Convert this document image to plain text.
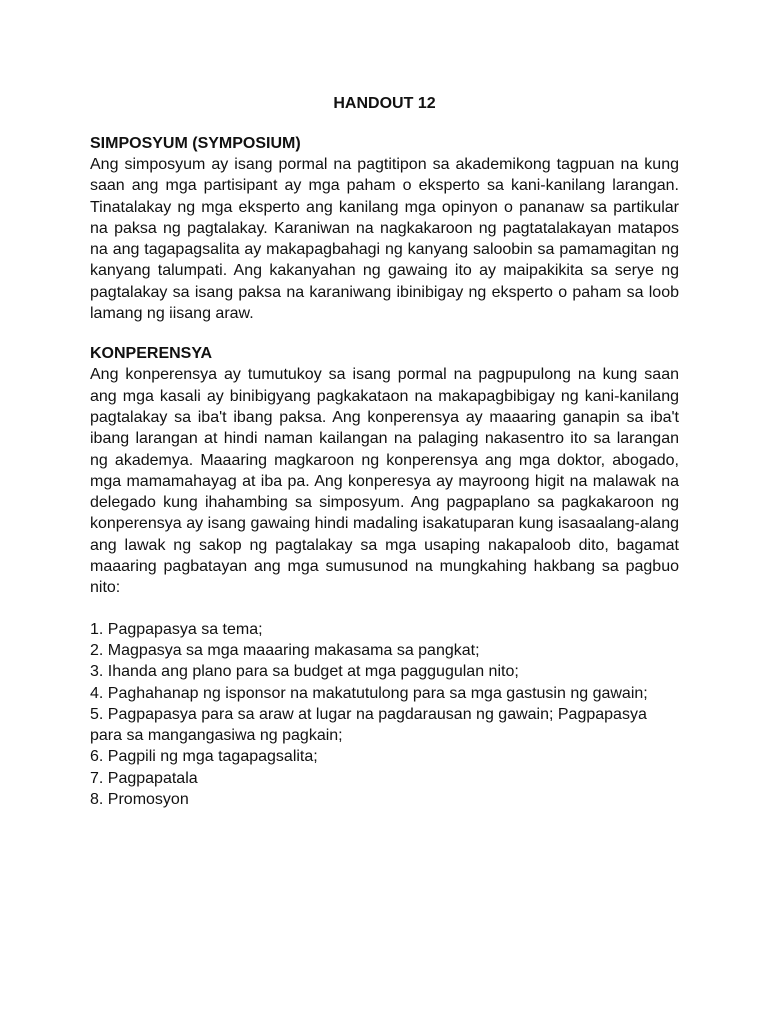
HANDOUT 12
SIMPOSYUM (SYMPOSIUM)

Ang simposyum ay isang pormal na pagtitipon sa akademikong tagpuan na kung saan ang mga partisipant ay mga paham o eksperto sa kani-kanilang larangan. Tinatalakay ng mga eksperto ang kanilang mga opinyon o pananaw sa partikular na paksa ng pagtalakay. Karaniwan na nagkakaroon ng pagtatalakayan matapos na ang tagapagsalita ay makapagbahagi ng kanyang saloobin sa pamamagitan ng kanyang talumpati. Ang kakanyahan ng gawaing ito ay maipakikita sa serye ng pagtalakay sa isang paksa na karaniwang ibinibigay ng eksperto o paham sa loob lamang ng iisang araw.

KONPERENSYA

Ang konperensya ay tumutukoy sa isang pormal na pagpupulong na kung saan ang mga kasali ay binibigyang pagkakataon na makapagbibigay ng kani-kanilang pagtalakay sa iba't ibang paksa. Ang konperensya ay maaaring ganapin sa iba't ibang larangan at hindi naman kailangan na palaging nakasentro ito sa larangan ng akademya. Maaaring magkaroon ng konperensya ang mga doktor, abogado, mga mamamahayag at iba pa. Ang konperesya ay mayroong higit na malawak na delegado kung ihahambing sa simposyum. Ang pagpaplano sa pagkakaroon ng konperensya ay isang gawaing hindi madaling isakatuparan kung isasaalang-alang ang lawak ng sakop ng pagtalakay sa mga usaping nakapaloob dito, bagamat maaaring pagbatayan ang mga sumusunod na mungkahing hakbang sa pagbuo nito:

1. Pagpapasya sa tema;
2. Magpasya sa mga maaaring makasama sa pangkat;
3. Ihanda ang plano para sa budget at mga paggugulan nito;
4. Paghahanap ng isponsor na makatutulong para sa mga gastusin ng gawain;
5. Pagpapasya para sa araw at lugar na pagdarausan ng gawain; Pagpapasya para sa mangangasiwa ng pagkain;
6. Pagpili ng mga tagapagsalita;
7. Pagpapatala
8. Promosyon
